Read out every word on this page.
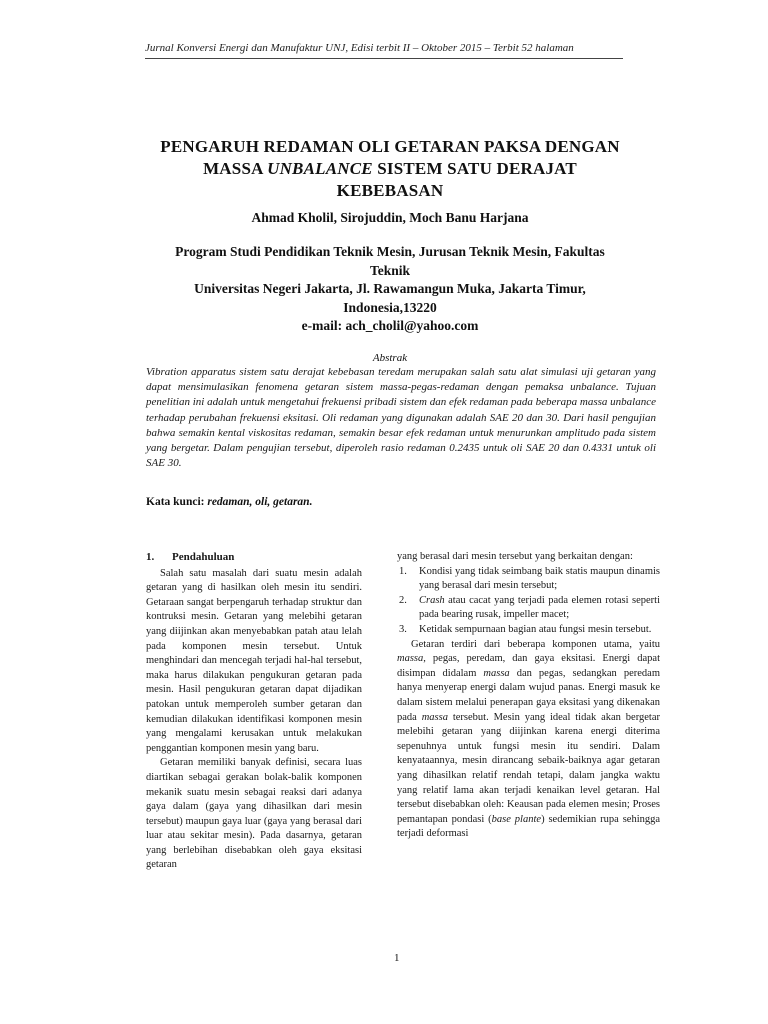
Jurnal Konversi Energi dan Manufaktur UNJ, Edisi terbit II – Oktober 2015 – Terbit 52 halaman
PENGARUH REDAMAN OLI GETARAN PAKSA DENGAN
MASSA UNBALANCE SISTEM SATU DERAJAT
KEBEBASAN
Ahmad Kholil, Sirojuddin, Moch Banu Harjana
Program Studi Pendidikan Teknik Mesin, Jurusan Teknik Mesin, Fakultas
Teknik
Universitas Negeri Jakarta, Jl. Rawamangun Muka, Jakarta Timur,
Indonesia,13220
e-mail: ach_cholil@yahoo.com
Abstrak

Vibration apparatus sistem satu derajat kebebasan teredam merupakan salah satu alat simulasi uji getaran yang dapat mensimulasikan fenomena getaran sistem massa-pegas-redaman dengan pemaksa unbalance. Tujuan penelitian ini adalah untuk mengetahui frekuensi pribadi sistem dan efek redaman pada beberapa massa unbalance terhadap perubahan frekuensi eksitasi. Oli redaman yang digunakan adalah SAE 20 dan 30. Dari hasil pengujian bahwa semakin kental viskositas redaman, semakin besar efek redaman untuk menurunkan amplitudo pada sistem yang bergetar. Dalam pengujian tersebut, diperoleh rasio redaman 0.2435 untuk oli SAE 20 dan 0.4331 untuk oli SAE 30.

Kata kunci: redaman, oli, getaran.
1. Pendahuluan

Salah satu masalah dari suatu mesin adalah getaran yang di hasilkan oleh mesin itu sendiri. Getaraan sangat berpengaruh terhadap struktur dan kontruksi mesin. Getaran yang melebihi getaran yang diijinkan akan menyebabkan patah atau lelah pada komponen mesin tersebut. Untuk menghindari dan mencegah terjadi hal-hal tersebut, maka harus dilakukan pengukuran getaran pada mesin. Hasil pengukuran getaran dapat dijadikan patokan untuk memperoleh sumber getaran dan kemudian dilakukan identifikasi komponen mesin yang mengalami kerusakan untuk melakukan penggantian komponen mesin yang baru.

Getaran memiliki banyak definisi, secara luas diartikan sebagai gerakan bolak-balik komponen mekanik suatu mesin sebagai reaksi dari adanya gaya dalam (gaya yang dihasilkan dari mesin tersebut) maupun gaya luar (gaya yang berasal dari luar atau sekitar mesin). Pada dasarnya, getaran yang berlebihan disebabkan oleh gaya eksitasi getaran

yang berasal dari mesin tersebut yang berkaitan dengan:

1. Kondisi yang tidak seimbang baik statis maupun dinamis yang berasal dari mesin tersebut;
2. Crash atau cacat yang terjadi pada elemen rotasi seperti pada bearing rusak, impeller macet;
3. Ketidak sempurnaan bagian atau fungsi mesin tersebut.

Getaran terdiri dari beberapa komponen utama, yaitu massa, pegas, peredam, dan gaya eksitasi. Energi dapat disimpan didalam massa dan pegas, sedangkan peredam hanya menyerap energi dalam wujud panas. Energi masuk ke dalam sistem melalui penerapan gaya eksitasi yang dikenakan pada massa tersebut. Mesin yang ideal tidak akan bergetar melebihi getaran yang diijinkan karena energi diterima sepenuhnya untuk fungsi mesin itu sendiri. Dalam kenyataannya, mesin dirancang sebaik-baiknya agar getaran yang dihasilkan relatif rendah tetapi, dalam jangka waktu yang relatif lama akan terjadi kenaikan level getaran. Hal tersebut disebabkan oleh: Keausan pada elemen mesin; Proses pemantapan pondasi (base plante) sedemikian rupa sehingga terjadi deformasi

1
